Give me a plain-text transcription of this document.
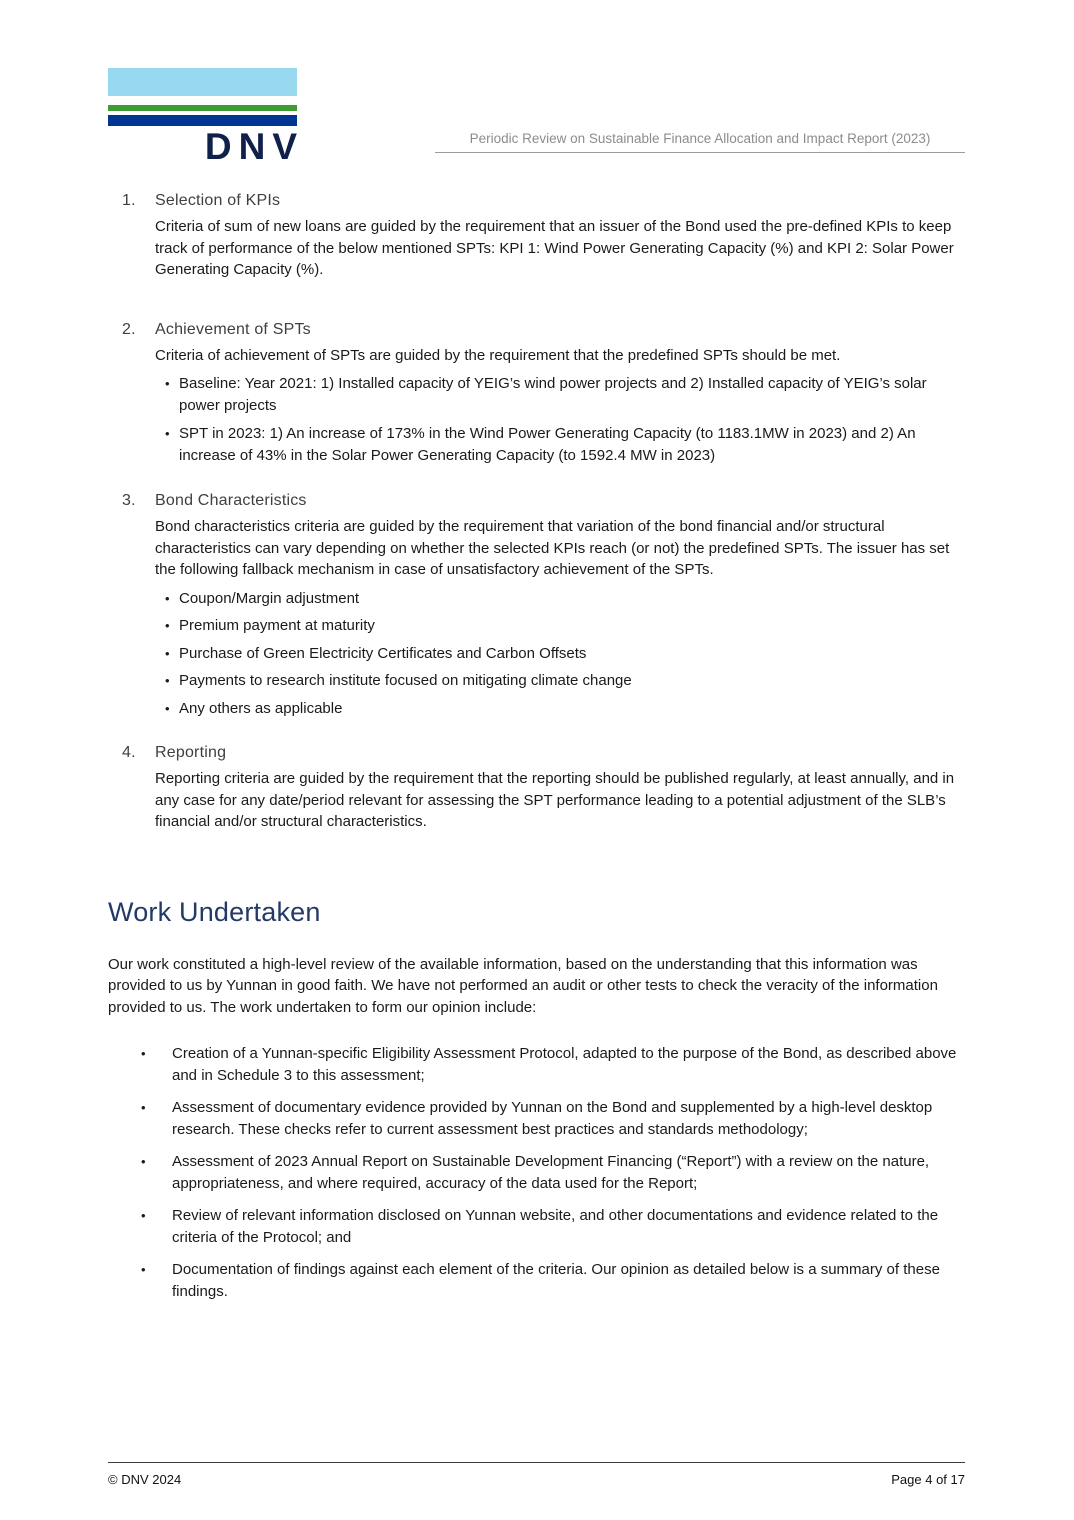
DNV	Periodic Review on Sustainable Finance Allocation and Impact Report (2023)
1.	Selection of KPIs

Criteria of sum of new loans are guided by the requirement that an issuer of the Bond used the pre-defined KPIs to keep track of performance of the below mentioned SPTs: KPI 1: Wind Power Generating Capacity (%) and KPI 2: Solar Power Generating Capacity (%).

2.	Achievement of SPTs

Criteria of achievement of SPTs are guided by the requirement that the predefined SPTs should be met.

• Baseline: Year 2021: 1) Installed capacity of YEIG’s wind power projects and 2) Installed capacity of YEIG’s solar power projects
• SPT in 2023: 1) An increase of 173% in the Wind Power Generating Capacity (to 1183.1MW in 2023) and 2) An increase of 43% in the Solar Power Generating Capacity (to 1592.4 MW in 2023)
3.	Bond Characteristics

Bond characteristics criteria are guided by the requirement that variation of the bond financial and/or structural characteristics can vary depending on whether the selected KPIs reach (or not) the predefined SPTs. The issuer has set the following fallback mechanism in case of unsatisfactory achievement of the SPTs.

• Coupon/Margin adjustment
• Premium payment at maturity
• Purchase of Green Electricity Certificates and Carbon Offsets
• Payments to research institute focused on mitigating climate change
• Any others as applicable
4.	Reporting

Reporting criteria are guided by the requirement that the reporting should be published regularly, at least annually, and in any case for any date/period relevant for assessing the SPT performance leading to a potential adjustment of the SLB’s financial and/or structural characteristics.

Work Undertaken

Our work constituted a high-level review of the available information, based on the understanding that this information was provided to us by Yunnan in good faith. We have not performed an audit or other tests to check the veracity of the information provided to us. The work undertaken to form our opinion include:

• Creation of a Yunnan-specific Eligibility Assessment Protocol, adapted to the purpose of the Bond, as described above and in Schedule 3 to this assessment;
• Assessment of documentary evidence provided by Yunnan on the Bond and supplemented by a high-level desktop research. These checks refer to current assessment best practices and standards methodology;
• Assessment of 2023 Annual Report on Sustainable Development Financing (“Report”) with a review on the nature, appropriateness, and where required, accuracy of the data used for the Report;
• Review of relevant information disclosed on Yunnan website, and other documentations and evidence related to the criteria of the Protocol; and
• Documentation of findings against each element of the criteria. Our opinion as detailed below is a summary of these findings.
© DNV 2024	Page 4 of 17
